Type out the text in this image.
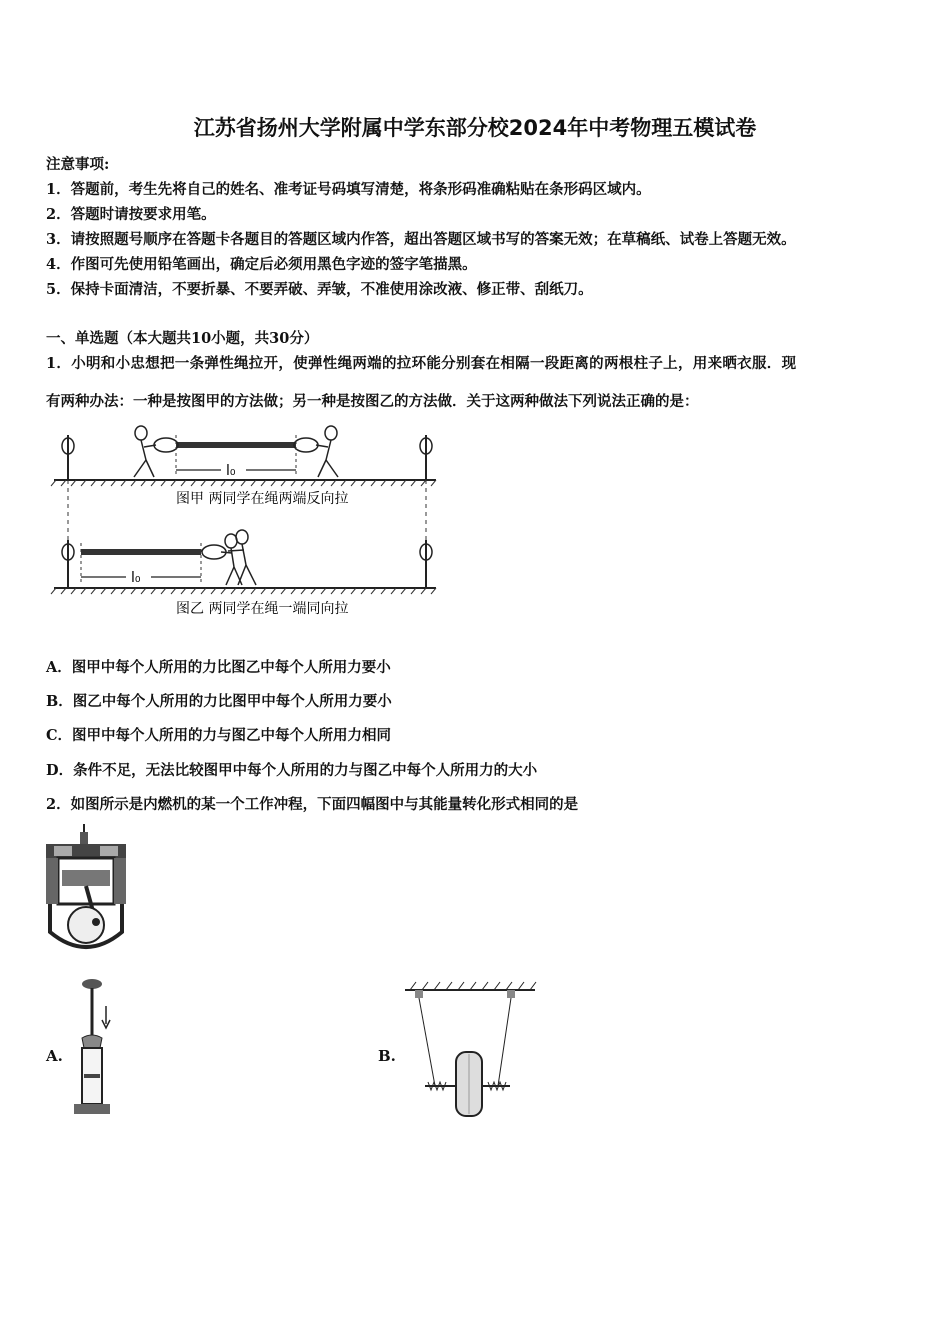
江苏省扬州大学附属中学东部分校2024年中考物理五模试卷
注意事项:
1．答题前，考生先将自己的姓名、准考证号码填写清楚，将条形码准确粘贴在条形码区域内。
2．答题时请按要求用笔。
3．请按照题号顺序在答题卡各题目的答题区域内作答，超出答题区域书写的答案无效；在草稿纸、试卷上答题无效。
4．作图可先使用铅笔画出，确定后必须用黑色字迹的签字笔描黑。
5．保持卡面清洁，不要折暴、不要弄破、弄皱，不准使用涂改液、修正带、刮纸刀。
一、单选题（本大题共10小题，共30分）
1．小明和小忠想把一条弹性绳拉开，使弹性绳两端的拉环能分别套在相隔一段距离的两根柱子上，用来晒衣服．现
有两种办法：一种是按图甲的方法做；另一种是按图乙的方法做．关于这两种做法下列说法正确的是：
l₀
图甲 两同学在绳两端反向拉
l₀
图乙 两同学在绳一端同向拉
A．图甲中每个人所用的力比图乙中每个人所用力要小
B．图乙中每个人所用的力比图甲中每个人所用力要小
C．图甲中每个人所用的力与图乙中每个人所用力相同
D．条件不足，无法比较图甲中每个人所用的力与图乙中每个人所用力的大小
2．如图所示是内燃机的某一个工作冲程，下面四幅图中与其能量转化形式相同的是
A.	B.
